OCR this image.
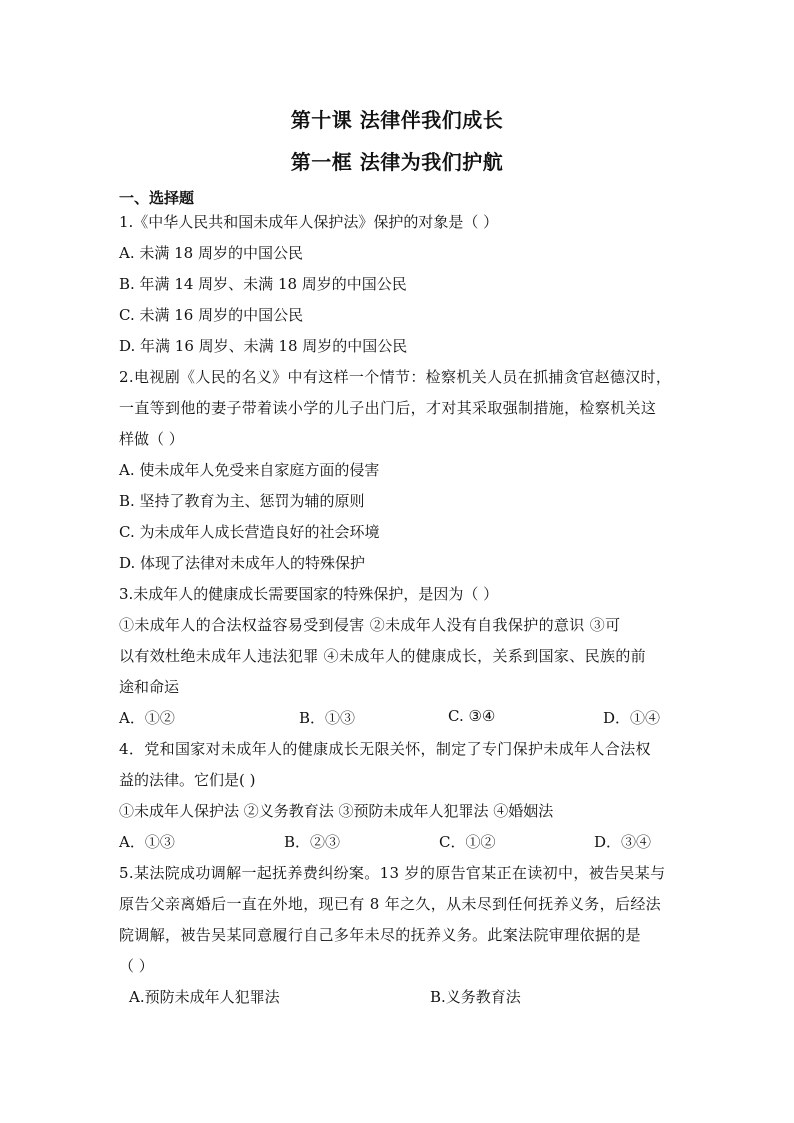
第十课 法律伴我们成长
第一框 法律为我们护航
一、选择题
1.《中华人民共和国未成年人保护法》保护的对象是（ ）
A. 未满 18 周岁的中国公民
B. 年满 14 周岁、未满 18 周岁的中国公民
C. 未满 16 周岁的中国公民
D. 年满 16 周岁、未满 18 周岁的中国公民
2.电视剧《人民的名义》中有这样一个情节：检察机关人员在抓捕贪官赵德汉时，
一直等到他的妻子带着读小学的儿子出门后，才对其采取强制措施，检察机关这
样做（ ）
A. 使未成年人免受来自家庭方面的侵害
B. 坚持了教育为主、惩罚为辅的原则
C. 为未成年人成长营造良好的社会环境
D. 体现了法律对未成年人的特殊保护
3.未成年人的健康成长需要国家的特殊保护，是因为（ ）
①未成年人的合法权益容易受到侵害 ②未成年人没有自我保护的意识 ③可
以有效杜绝未成年人违法犯罪 ④未成年人的健康成长，关系到国家、民族的前
途和命运
A．①②	B．①③	C. ③④	D．①④
4．党和国家对未成年人的健康成长无限关怀，制定了专门保护未成年人合法权
益的法律。它们是( )
①未成年人保护法 ②义务教育法 ③预防未成年人犯罪法 ④婚姻法
A．①③	B．②③	C．①②	D．③④
5.某法院成功调解一起抚养费纠纷案。13 岁的原告官某正在读初中，被告吴某与
原告父亲离婚后一直在外地，现已有 8 年之久，从未尽到任何抚养义务，后经法
院调解，被告吴某同意履行自己多年未尽的抚养义务。此案法院审理依据的是
（ ）
A.预防未成年人犯罪法	B.义务教育法
